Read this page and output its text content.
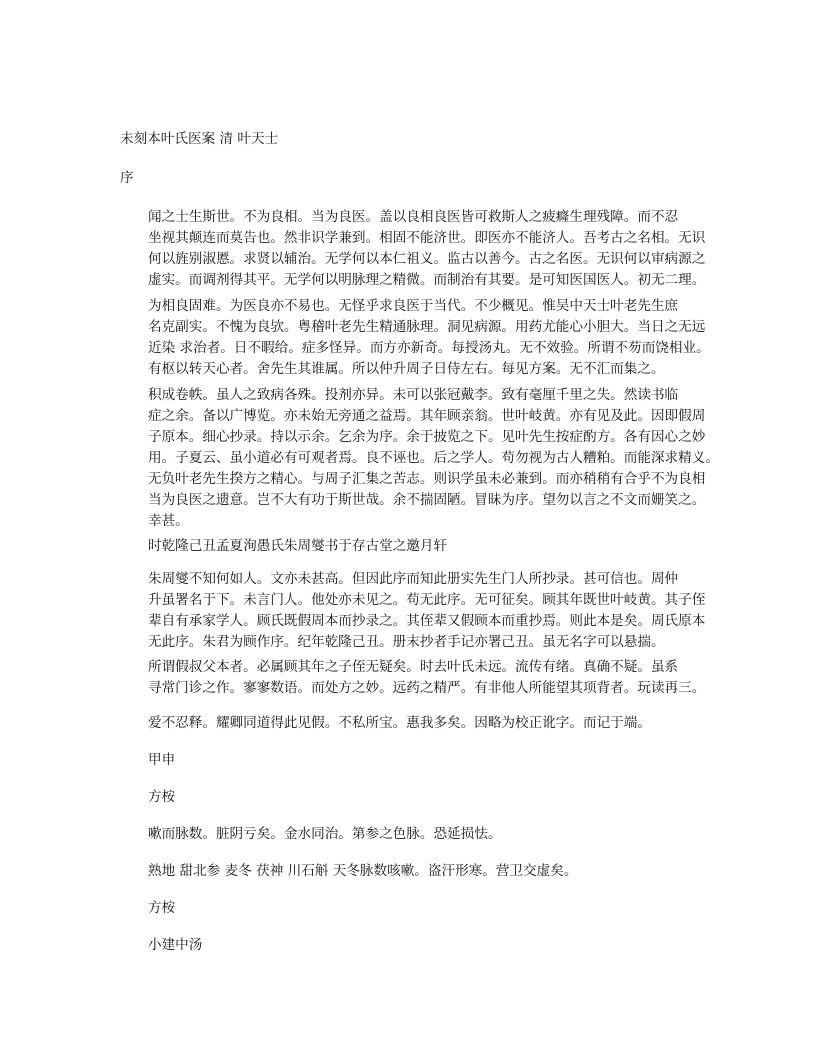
未刻本叶氏医案 清 叶天士

序

闻之士生斯世。不为良相。当为良医。盖以良相良医皆可救斯人之疲癃生理残障。而不忍
坐视其颠连而莫告也。然非识学兼到。相固不能济世。即医亦不能济人。吾考古之名相。无识
何以旌别淑慝。求贤以辅治。无学何以本仁祖义。监古以善今。古之名医。无识何以审病源之
虚实。而调剂得其平。无学何以明脉理之精微。而制治有其要。是可知医国医人。初无二理。
为相良固难。为医良亦不易也。无怪乎求良医于当代。不少概见。惟吴中天士叶老先生庶
名克副实。不愧为良欤。粤稽叶老先生精通脉理。洞见病源。用药尤能心小胆大。当日之无远
近染 求治者。日不暇给。症多怪异。而方亦新奇。每授汤丸。无不效验。所谓不芴而饶相业。
有枢以转天心者。舍先生其谁属。所以仲升周子日侍左右。每见方案。无不汇而集之。
积成卷帙。虽人之致病各殊。投剂亦异。未可以张冠戴李。致有毫厘千里之失。然读书临
症之余。备以广博览。亦未始无旁通之益焉。其年顾亲翁。世叶岐黄。亦有见及此。因即假周
子原本。细心抄录。持以示余。乞余为序。余于披览之下。见叶先生按症酌方。各有因心之妙
用。子夏云、虽小道必有可观者焉。良不诬也。后之学人。苟勿视为古人糟粕。而能深求精义。
无负叶老先生揆方之精心。与周子汇集之苦志。则识学虽未必兼到。而亦稍稍有合乎不为良相
当为良医之遗意。岂不大有功于斯世哉。余不揣固陋。冒昧为序。望勿以言之不文而姗笑之。
幸甚。

时乾隆己丑孟夏洵愚氏朱周燮书于存古堂之邀月轩

朱周燮不知何如人。文亦未甚高。但因此序而知此册实先生门人所抄录。甚可信也。周仲
升虽署名于下。未言门人。他处亦未见之。苟无此序。无可征矣。顾其年既世叶岐黄。其子侄
辈自有承家学人。顾氏既假周本而抄录之。其侄辈又假顾本而重抄焉。则此本是矣。周氏原本
无此序。朱君为顾作序。纪年乾隆己丑。册末抄者手记亦署己丑。虽无名字可以悬揣。
所谓假叔父本者。必属顾其年之子侄无疑矣。时去叶氏未远。流传有绪。真确不疑。虽系
寻常门诊之作。寥寥数语。而处方之妙。远药之精严。有非他人所能望其项背者。玩读再三。

爱不忍释。耀卿同道得此见假。不私所宝。惠我多矣。因略为校正讹字。而记于端。

甲申

方桉

嗽而脉数。脏阴亏矣。金水同治。第参之色脉。恐延损怯。

熟地 甜北参 麦冬 茯神 川石斛 天冬脉数咳嗽。盗汗形寒。营卫交虚矣。

方桉

小建中汤
